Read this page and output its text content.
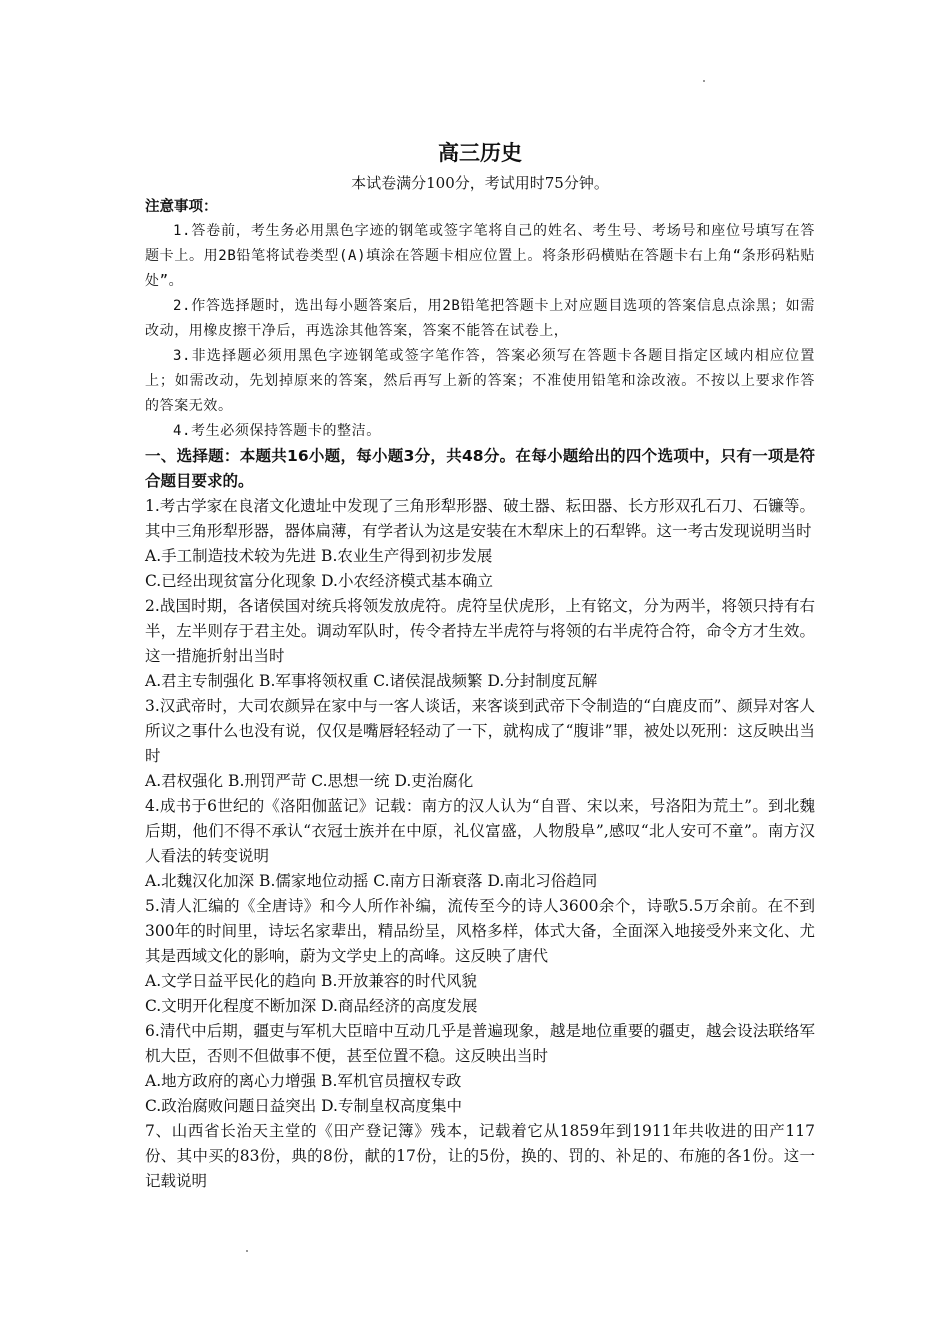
高三历史
本试卷满分100分，考试用时75分钟。
注意事项：
1.答卷前，考生务必用黑色字迹的钢笔或签字笔将自己的姓名、考生号、考场号和座位号填写在答题卡上。用2B铅笔将试卷类型(A)填涂在答题卡相应位置上。将条形码横贴在答题卡右上角“条形码粘贴处”。
2.作答选择题时，选出每小题答案后，用2B铅笔把答题卡上对应题目选项的答案信息点涂黑；如需改动，用橡皮擦干净后，再选涂其他答案，答案不能答在试卷上，
3.非选择题必须用黑色字迹钢笔或签字笔作答，答案必须写在答题卡各题目指定区域内相应位置上；如需改动，先划掉原来的答案，然后再写上新的答案；不准使用铅笔和涂改液。不按以上要求作答的答案无效。
4.考生必须保持答题卡的整洁。
一、选择题：本题共16小题，每小题3分，共48分。在每小题给出的四个选项中，只有一项是符合题目要求的。
1.考古学家在良渚文化遗址中发现了三角形犁形器、破土器、耘田器、长方形双孔石刀、石镰等。其中三角形犁形器，器体扁薄，有学者认为这是安装在木犁床上的石犁铧。这一考古发现说明当时
A.手工制造技术较为先进 B.农业生产得到初步发展
C.已经出现贫富分化现象 D.小农经济模式基本确立
2.战国时期，各诸侯国对统兵将领发放虎符。虎符呈伏虎形，上有铭文，分为两半，将领只持有右半，左半则存于君主处。调动军队时，传令者持左半虎符与将领的右半虎符合符，命令方才生效。这一措施折射出当时
A.君主专制强化 B.军事将领权重 C.诸侯混战频繁 D.分封制度瓦解
3.汉武帝时，大司农颜异在家中与一客人谈话，来客谈到武帝下令制造的“白鹿皮而”、颜异对客人所议之事什么也没有说，仅仅是嘴唇轻轻动了一下，就构成了“腹诽”罪，被处以死刑：这反映出当时
A.君权强化 B.刑罚严苛 C.思想一统 D.吏治腐化
4.成书于6世纪的《洛阳伽蓝记》记载：南方的汉人认为“自晋、宋以来，号洛阳为荒土”。到北魏后期，他们不得不承认“衣冠士族并在中原，礼仪富盛，人物殷阜”,感叹“北人安可不童”。南方汉人看法的转变说明
A.北魏汉化加深 B.儒家地位动摇 C.南方日渐衰落 D.南北习俗趋同
5.清人汇编的《全唐诗》和今人所作补编，流传至今的诗人3600余个，诗歌5.5万余前。在不到300年的时间里，诗坛名家辈出，精品纷呈，风格多样，体式大备，全面深入地接受外来文化、尤其是西域文化的影响，蔚为文学史上的高峰。这反映了唐代
A.文学日益平民化的趋向 B.开放兼容的时代风貌
C.文明开化程度不断加深 D.商品经济的高度发展
6.清代中后期，疆吏与军机大臣暗中互动几乎是普遍现象，越是地位重要的疆吏，越会设法联络军机大臣，否则不但做事不便，甚至位置不稳。这反映出当时
A.地方政府的离心力增强 B.军机官员擅权专政
C.政治腐败问题日益突出 D.专制皇权高度集中
7、山西省长治天主堂的《田产登记簿》残本，记载着它从1859年到1911年共收进的田产117份、其中买的83份，典的8份，献的17份，让的5份，换的、罚的、补足的、布施的各1份。这一记载说明
